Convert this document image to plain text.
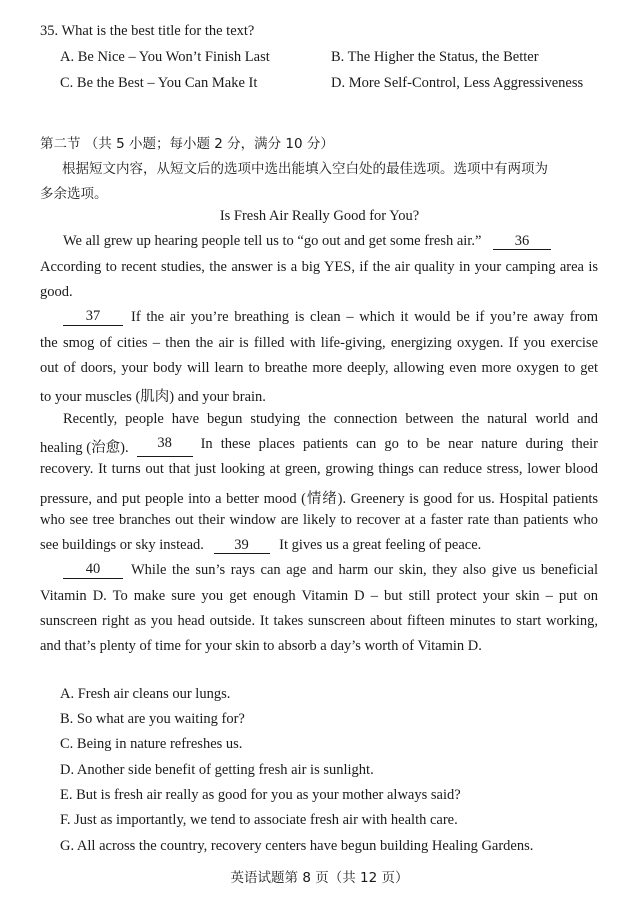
35. What is the best title for the text?
A. Be Nice – You Won’t Finish Last	B. The Higher the Status, the Better
C. Be the Best – You Can Make It	D. More Self-Control, Less Aggressiveness
第二节 （共 5 小题；每小题 2 分，满分 10 分）
根据短文内容，从短文后的选项中选出能填入空白处的最佳选项。选项中有两项为
多余选项。
Is Fresh Air Really Good for You?
We all grew up hearing people tell us to “go out and get some fresh air.” 36
According to recent studies, the answer is a big YES, if the air quality in your camping area is
good.
37	If the air you’re breathing is clean – which it would be if you’re away from
the smog of cities – then the air is filled with life-giving, energizing oxygen. If you exercise
out of doors, your body will learn to breathe more deeply, allowing even more oxygen to get
to your muscles (肌肉) and your brain.
Recently, people have begun studying the connection between the natural world and
healing (治愈).	38	In these places patients can go to be near nature during their
recovery. It turns out that just looking at green, growing things can reduce stress, lower blood
pressure, and put people into a better mood (情绪). Greenery is good for us. Hospital patients
who see tree branches out their window are likely to recover at a faster rate than patients who
see buildings or sky instead. 39 It gives us a great feeling of peace.
40	While the sun’s rays can age and harm our skin, they also give us beneficial
Vitamin D. To make sure you get enough Vitamin D – but still protect your skin – put on
sunscreen right as you head outside. It takes sunscreen about fifteen minutes to start working,
and that’s plenty of time for your skin to absorb a day’s worth of Vitamin D.
A. Fresh air cleans our lungs.
B. So what are you waiting for?
C. Being in nature refreshes us.
D. Another side benefit of getting fresh air is sunlight.
E. But is fresh air really as good for you as your mother always said?
F. Just as importantly, we tend to associate fresh air with health care.
G. All across the country, recovery centers have begun building Healing Gardens.
英语试题第 8 页（共 12 页）
